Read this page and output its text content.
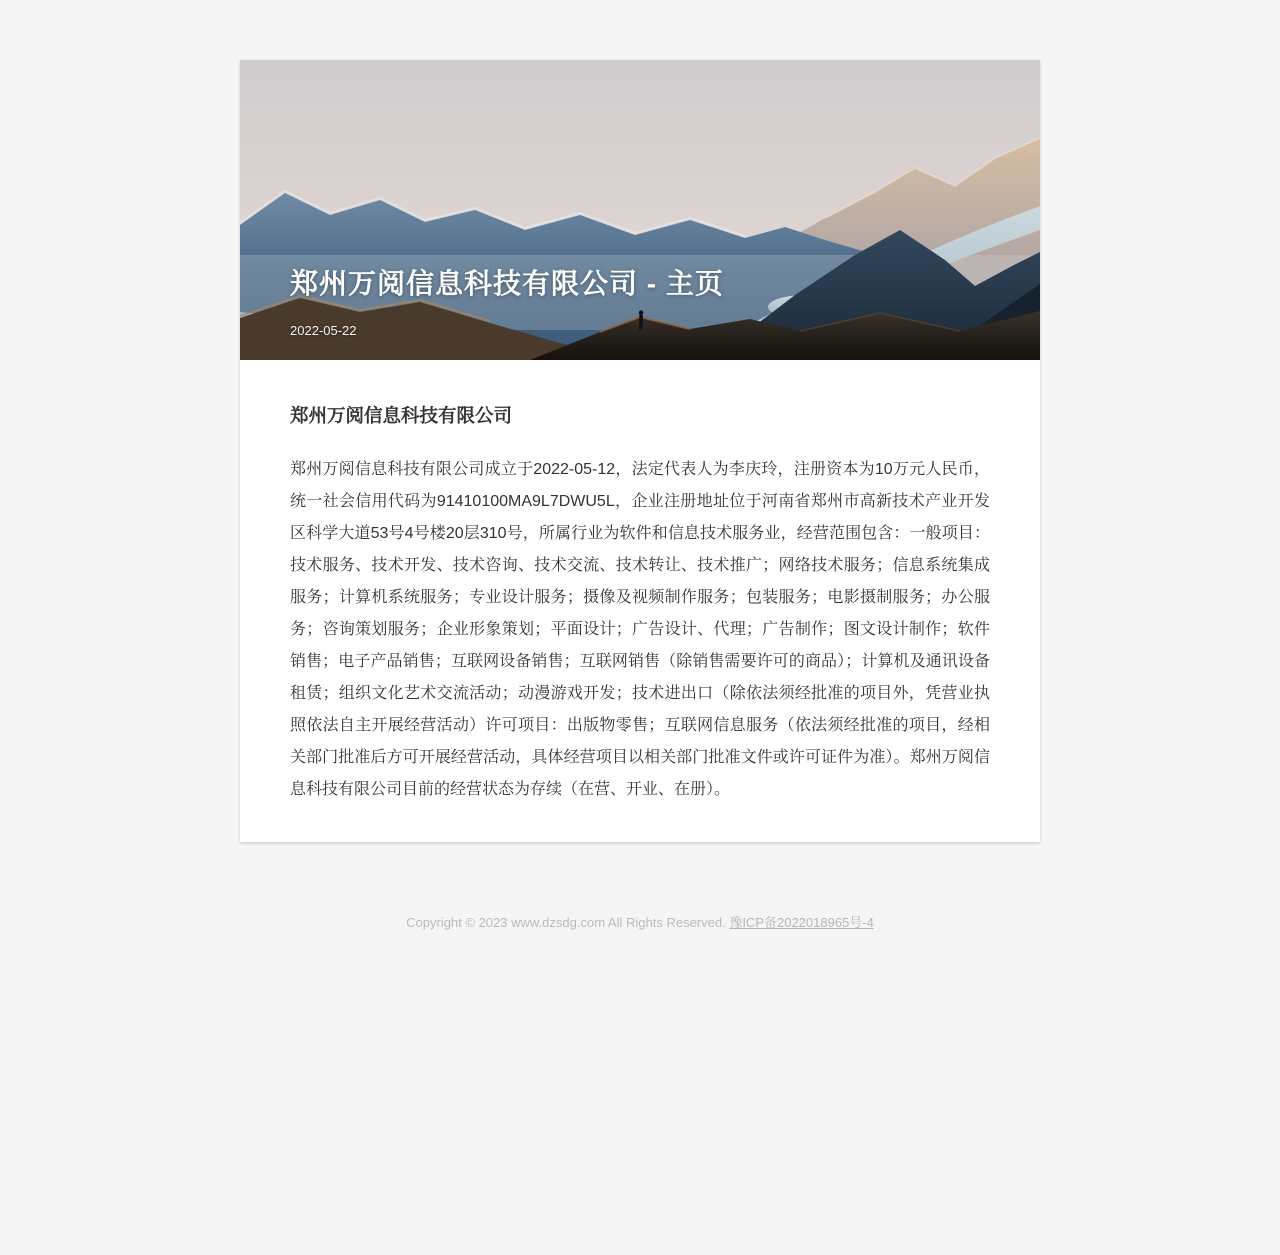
郑州万阅信息科技有限公司 - 主页
2022-05-22
郑州万阅信息科技有限公司

郑州万阅信息科技有限公司成立于2022-05-12，法定代表人为李庆玲，注册资本为10万元人民币，统一社会信用代码为91410100MA9L7DWU5L，企业注册地址位于河南省郑州市高新技术产业开发区科学大道53号4号楼20层310号，所属行业为软件和信息技术服务业，经营范围包含：一般项目：技术服务、技术开发、技术咨询、技术交流、技术转让、技术推广；网络技术服务；信息系统集成服务；计算机系统服务；专业设计服务；摄像及视频制作服务；包装服务；电影摄制服务；办公服务；咨询策划服务；企业形象策划；平面设计；广告设计、代理；广告制作；图文设计制作；软件销售；电子产品销售；互联网设备销售；互联网销售（除销售需要许可的商品）；计算机及通讯设备租赁；组织文化艺术交流活动；动漫游戏开发；技术进出口（除依法须经批准的项目外，凭营业执照依法自主开展经营活动）许可项目：出版物零售；互联网信息服务（依法须经批准的项目，经相关部门批准后方可开展经营活动，具体经营项目以相关部门批准文件或许可证件为准）。郑州万阅信息科技有限公司目前的经营状态为存续（在营、开业、在册）。

Copyright © 2023 www.dzsdg.com All Rights Reserved. 豫ICP备2022018965号-4
